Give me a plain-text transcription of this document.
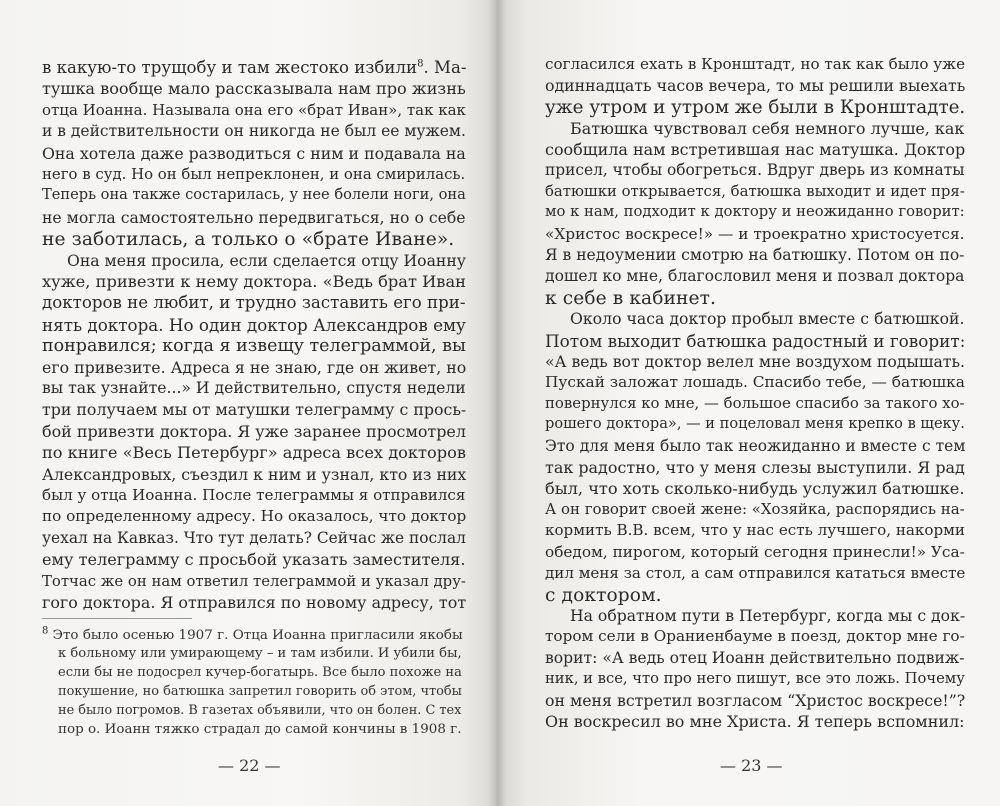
в какую-то трущобу и там жестоко избили$^8$. Ма-

тушка вообще мало рассказывала нам про жизнь

отца Иоанна. Называла она его «брат Иван», так как

и в действительности он никогда не был ее мужем.

Она хотела даже разводиться с ним и подавала на

него в суд. Но он был непреклонен, и она смирилась.

Теперь она также состарилась, у нее болели ноги, она

не могла самостоятельно передвигаться, но о себе

не заботилась, а только о «брате Иване».

Она меня просила, если сделается отцу Иоанну

хуже, привезти к нему доктора. «Ведь брат Иван

докторов не любит, и трудно заставить его при-

нять доктора. Но один доктор Александров ему

понравился; когда я извещу телеграммой, вы

его привезите. Адреса я не знаю, где он живет, но

вы так узнайте...» И действительно, спустя недели

три получаем мы от матушки телеграмму с прось-

бой привезти доктора. Я уже заранее просмотрел

по книге «Весь Петербург» адреса всех докторов

Александровых, съездил к ним и узнал, кто из них

был у отца Иоанна. После телеграммы я отправился

по определенному адресу. Но оказалось, что доктор

уехал на Кавказ. Что тут делать? Сейчас же послал

ему телеграмму с просьбой указать заместителя.

Тотчас же он нам ответил телеграммой и указал дру-

гого доктора. Я отправился по новому адресу, тот

— 22 —

$^8$ Это было осенью 1907 г. Отца Иоанна пригласили якобы

к больному или умирающему – и там избили. И убили бы,

если бы не подосрел кучер-богатырь. Все было похоже на

покушение, но батюшка запретил говорить об этом, чтобы

не было погромов. В газетах объявили, что он болен. С тех

пор о. Иоанн тяжко страдал до самой кончины в 1908 г.

согласился ехать в Кронштадт, но так как было уже

одиннадцать часов вечера, то мы решили выехать

уже утром и утром же были в Кронштадте.

Батюшка чувствовал себя немного лучше, как

сообщила нам встретившая нас матушка. Доктор

присел, чтобы обогреться. Вдруг дверь из комнаты

батюшки открывается, батюшка выходит и идет пря-

мо к нам, подходит к доктору и неожиданно говорит:

«Христос воскресе!» — и троекратно христосуется.

Я в недоумении смотрю на батюшку. Потом он по-

дошел ко мне, благословил меня и позвал доктора

к себе в кабинет.

Около часа доктор пробыл вместе с батюшкой.

Потом выходит батюшка радостный и говорит:

«А ведь вот доктор велел мне воздухом подышать.

Пускай заложат лошадь. Спасибо тебе, — батюшка

повернулся ко мне, — большое спасибо за такого хо-

рошего доктора», — и поцеловал меня крепко в щеку.

Это для меня было так неожиданно и вместе с тем

так радостно, что у меня слезы выступили. Я рад

был, что хоть сколько-нибудь услужил батюшке.

А он говорит своей жене: «Хозяйка, распорядись на-

кормить В.В. всем, что у нас есть лучшего, накорми

обедом, пирогом, который сегодня принесли!» Уса-

дил меня за стол, а сам отправился кататься вместе

с доктором.

На обратном пути в Петербург, когда мы с док-

тором сели в Ораниенбауме в поезд, доктор мне го-

ворит: «А ведь отец Иоанн действительно подвиж-

ник, и все, что про него пишут, все это ложь. Почему

он меня встретил возгласом “Христос воскресе!”?

Он воскресил во мне Христа. Я теперь вспомнил:

— 23 —
